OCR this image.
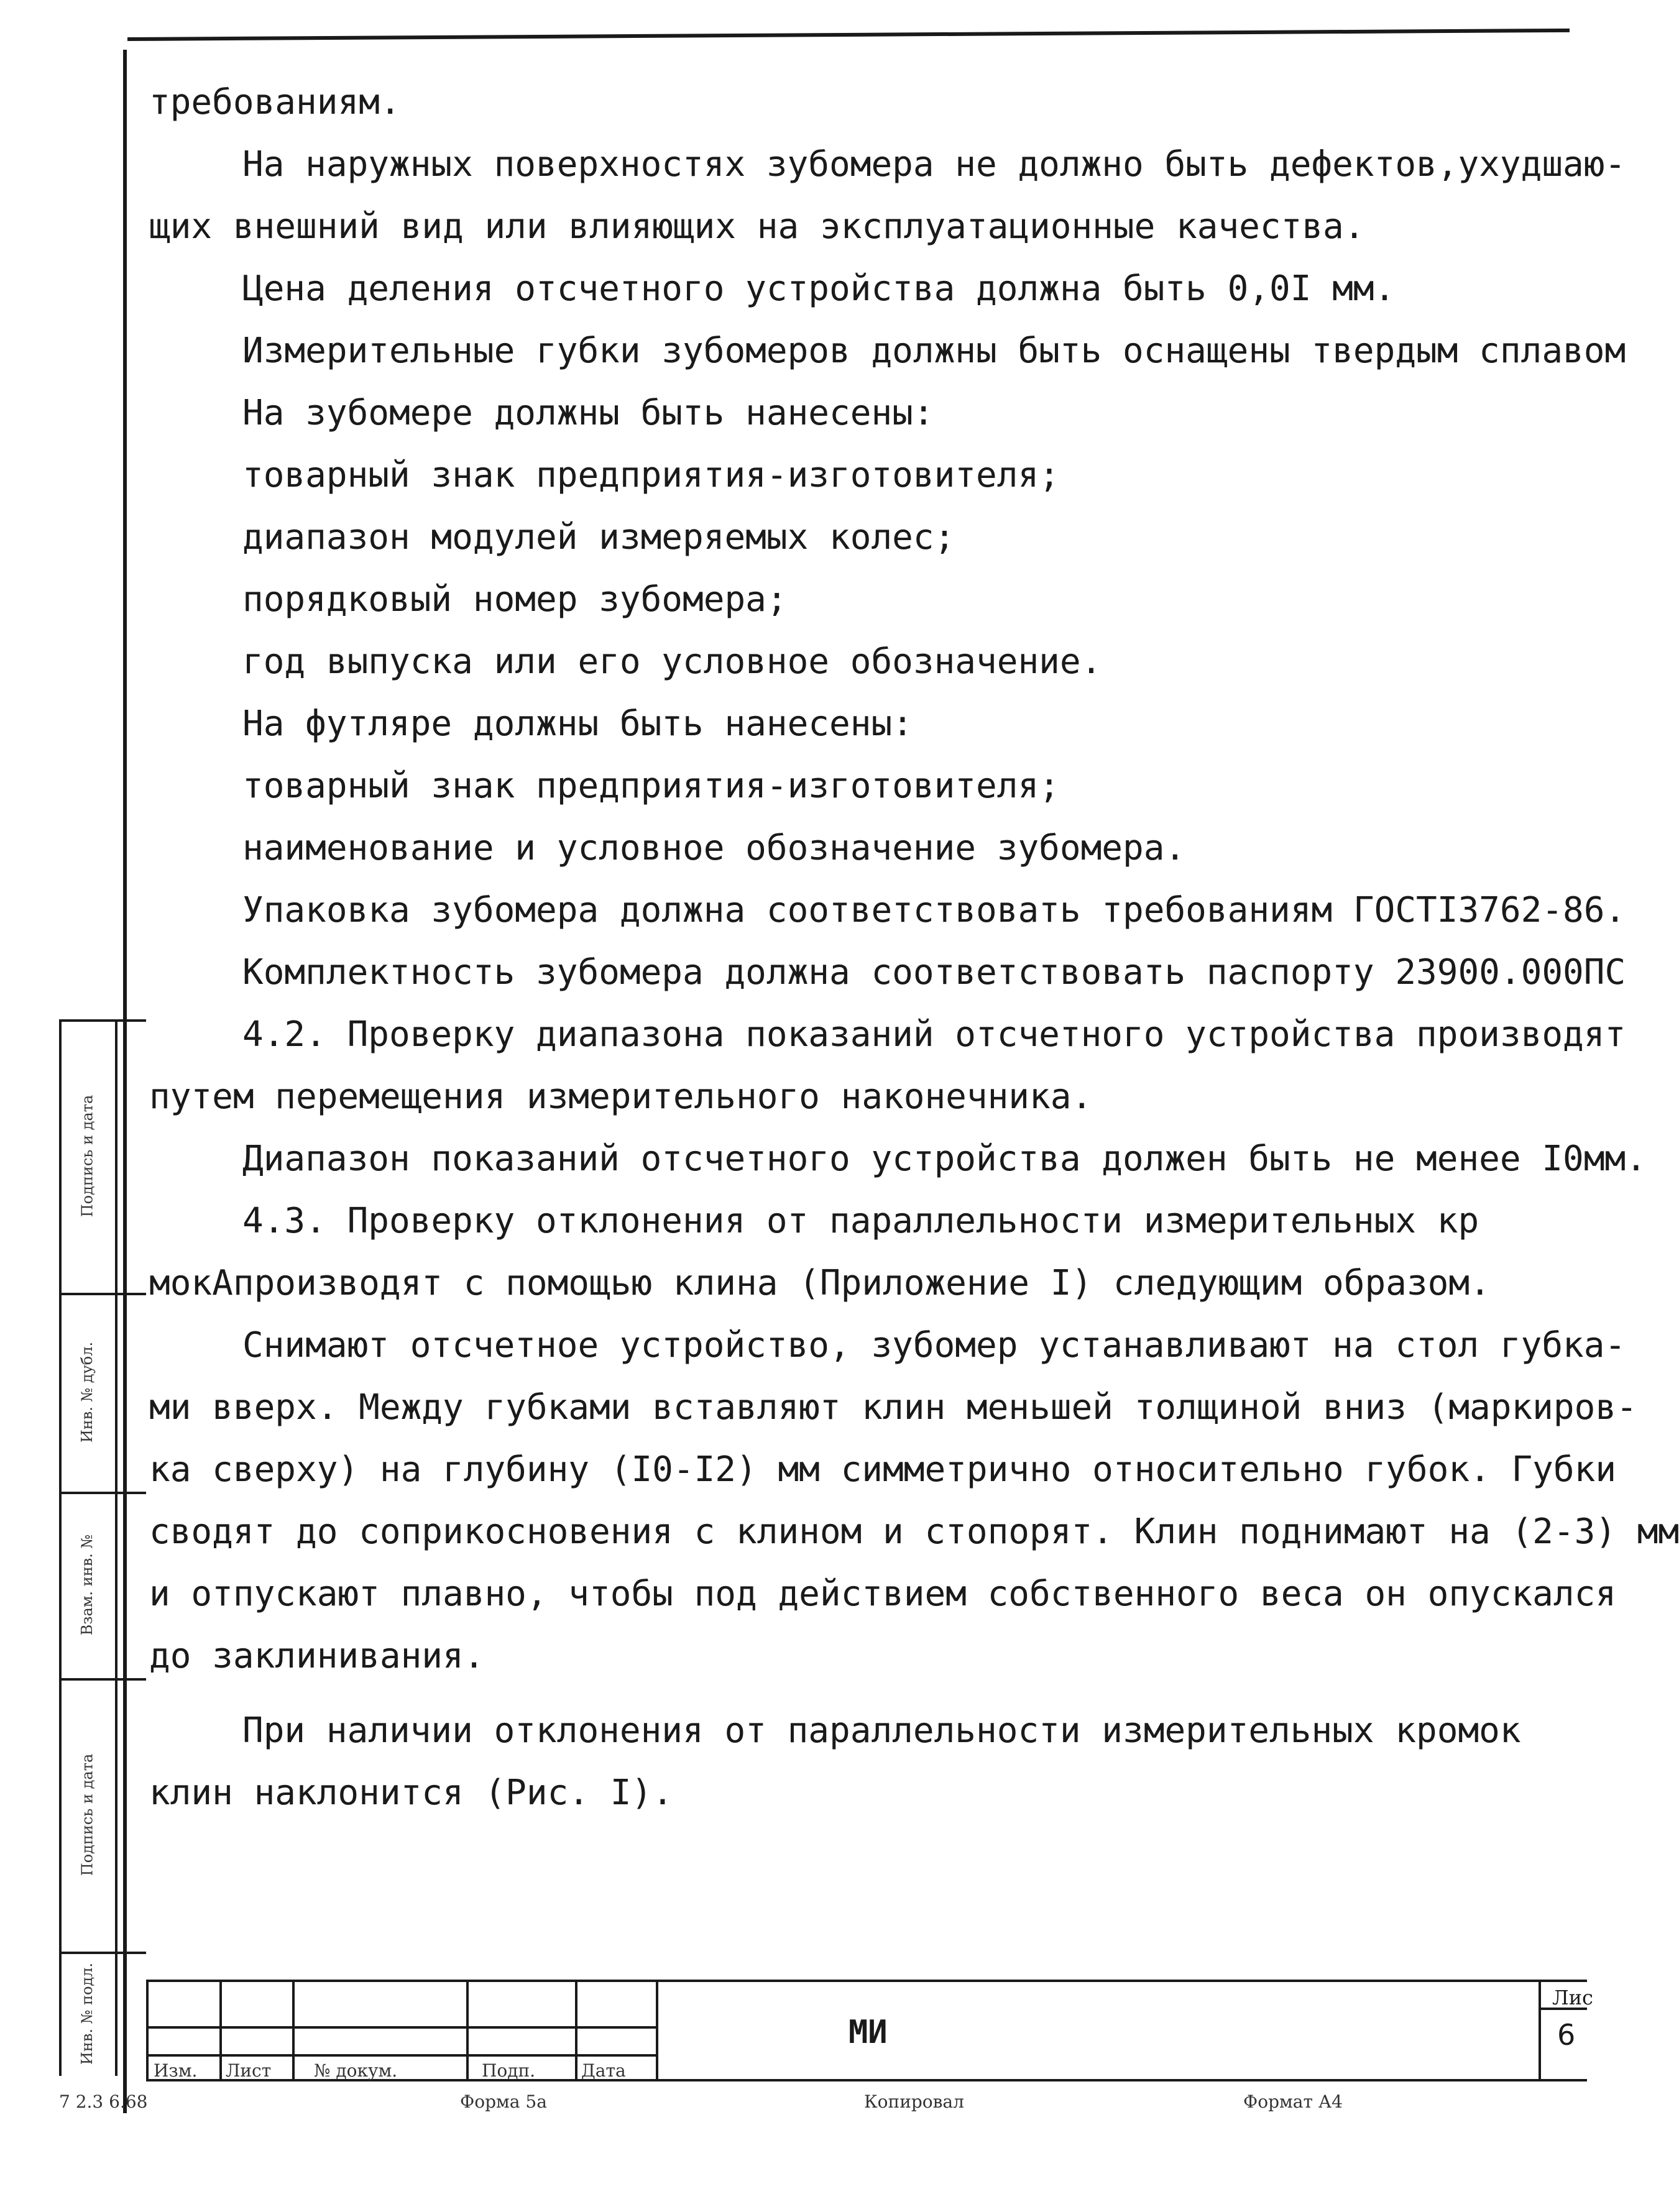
требованиям.
На наружных поверхностях зубомера не должно быть дефектов,ухудшаю-
щих внешний вид или влияющих на эксплуатационные качества.
Цена деления отсчетного устройства должна быть 0,0I мм.
Измерительные губки зубомеров должны быть оснащены твердым сплавом
На зубомере должны быть нанесены:
товарный знак предприятия-изготовителя;
диапазон модулей измеряемых колес;
порядковый номер зубомера;
год выпуска или его условное обозначение.
На футляре должны быть нанесены:
товарный знак предприятия-изготовителя;
наименование и условное обозначение зубомера.
Упаковка зубомера должна соответствовать требованиям ГОСТI3762-86.
Комплектность зубомера должна соответствовать паспорту 23900.000ПС
4.2. Проверку диапазона показаний отсчетного устройства производят
путем перемещения измерительного наконечника.
Диапазон показаний отсчетного устройства должен быть не менее I0мм.
4.3. Проверку отклонения от параллельности измерительных кр
мокАпроизводят с помощью клина (Приложение I) следующим образом.
Снимают отсчетное устройство, зубомер устанавливают на стол губка-
ми вверх. Между губками вставляют клин меньшей толщиной вниз (маркиров-
ка сверху) на глубину (I0-I2) мм симметрично относительно губок. Губки
сводят до соприкосновения с клином и стопорят. Клин поднимают на (2-3) мм
и отпускают плавно, чтобы под действием собственного веса он опускался
до заклинивания.
При наличии отклонения от параллельности измерительных кромок
клин наклонится (Рис. I).
Подпись и дата
Инв. № дубл.
Взам. инв. №
Подпись и дата
Инв. № подл.
Изм. Лист № докум.	Подп.	Дата
МИ
Лис
6
7 2.3 6.68	Форма 5а	Копировал	Формат А4
